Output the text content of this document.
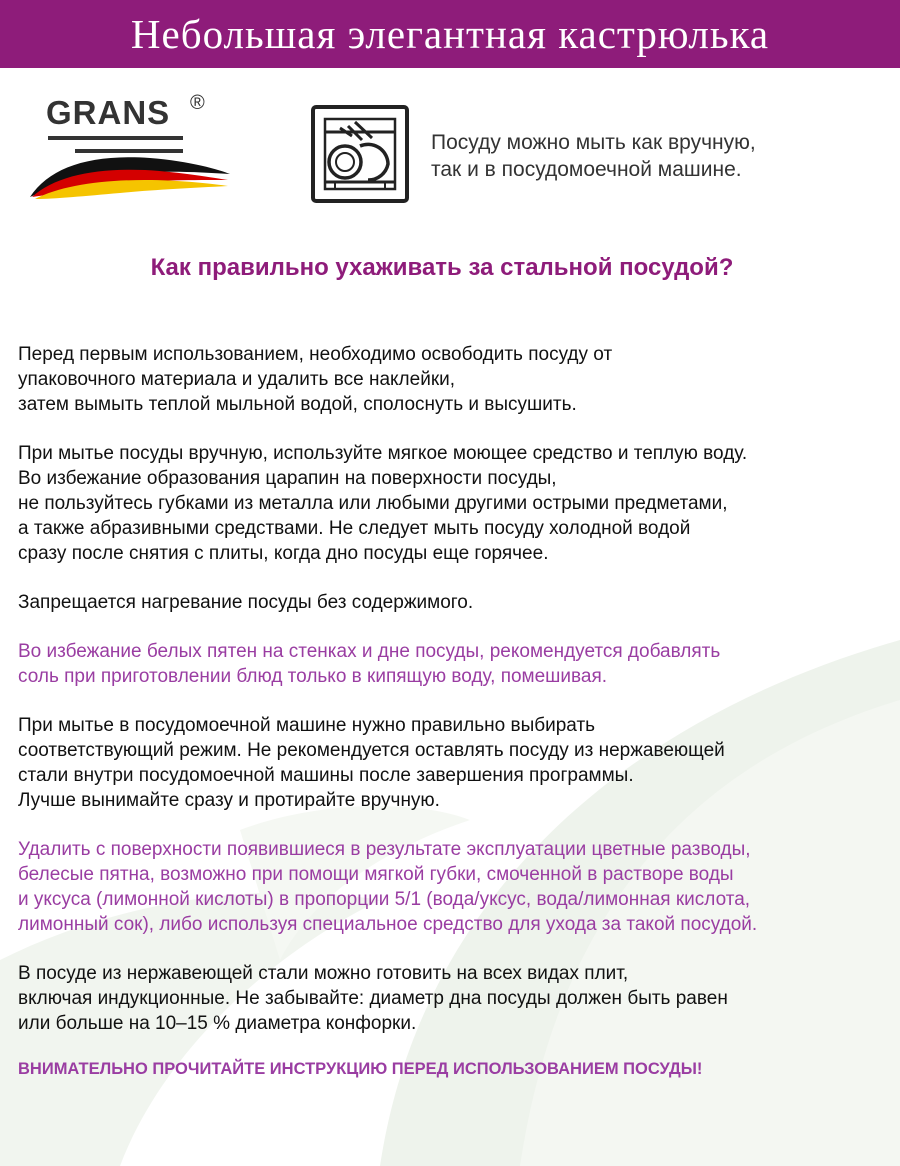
Небольшая элегантная кастрюлька
GRANS ®
Посуду можно мыть как вручную,
так и в посудомоечной машине.
Как правильно ухаживать за стальной посудой?
Перед первым использованием, необходимо освободить посуду от
упаковочного материала и удалить все наклейки,
затем вымыть теплой мыльной водой, сполоснуть и высушить.
При мытье посуды вручную, используйте мягкое моющее средство и теплую воду.
Во избежание образования царапин на поверхности посуды,
не пользуйтесь губками из металла или любыми другими острыми предметами,
а также абразивными средствами. Не следует мыть посуду холодной водой
сразу после снятия с плиты, когда дно посуды еще горячее.
Запрещается нагревание посуды без содержимого.
Во избежание белых пятен на стенках и дне посуды, рекомендуется добавлять
соль при приготовлении блюд только в кипящую воду, помешивая.
При мытье в посудомоечной машине нужно правильно выбирать
соответствующий режим. Не рекомендуется оставлять посуду из нержавеющей
стали внутри посудомоечной машины после завершения программы.
Лучше вынимайте сразу и протирайте вручную.
Удалить с поверхности появившиеся в результате эксплуатации цветные разводы,
белесые пятна, возможно при помощи мягкой губки, смоченной в растворе воды
и уксуса (лимонной кислоты) в пропорции 5/1 (вода/уксус, вода/лимонная кислота,
лимонный сок), либо используя специальное средство для ухода за такой посудой.
В посуде из нержавеющей стали можно готовить на всех видах плит,
включая индукционные. Не забывайте: диаметр дна посуды должен быть равен
или больше на 10–15 % диаметра конфорки.
ВНИМАТЕЛЬНО ПРОЧИТАЙТЕ ИНСТРУКЦИЮ ПЕРЕД ИСПОЛЬЗОВАНИЕМ ПОСУДЫ!
